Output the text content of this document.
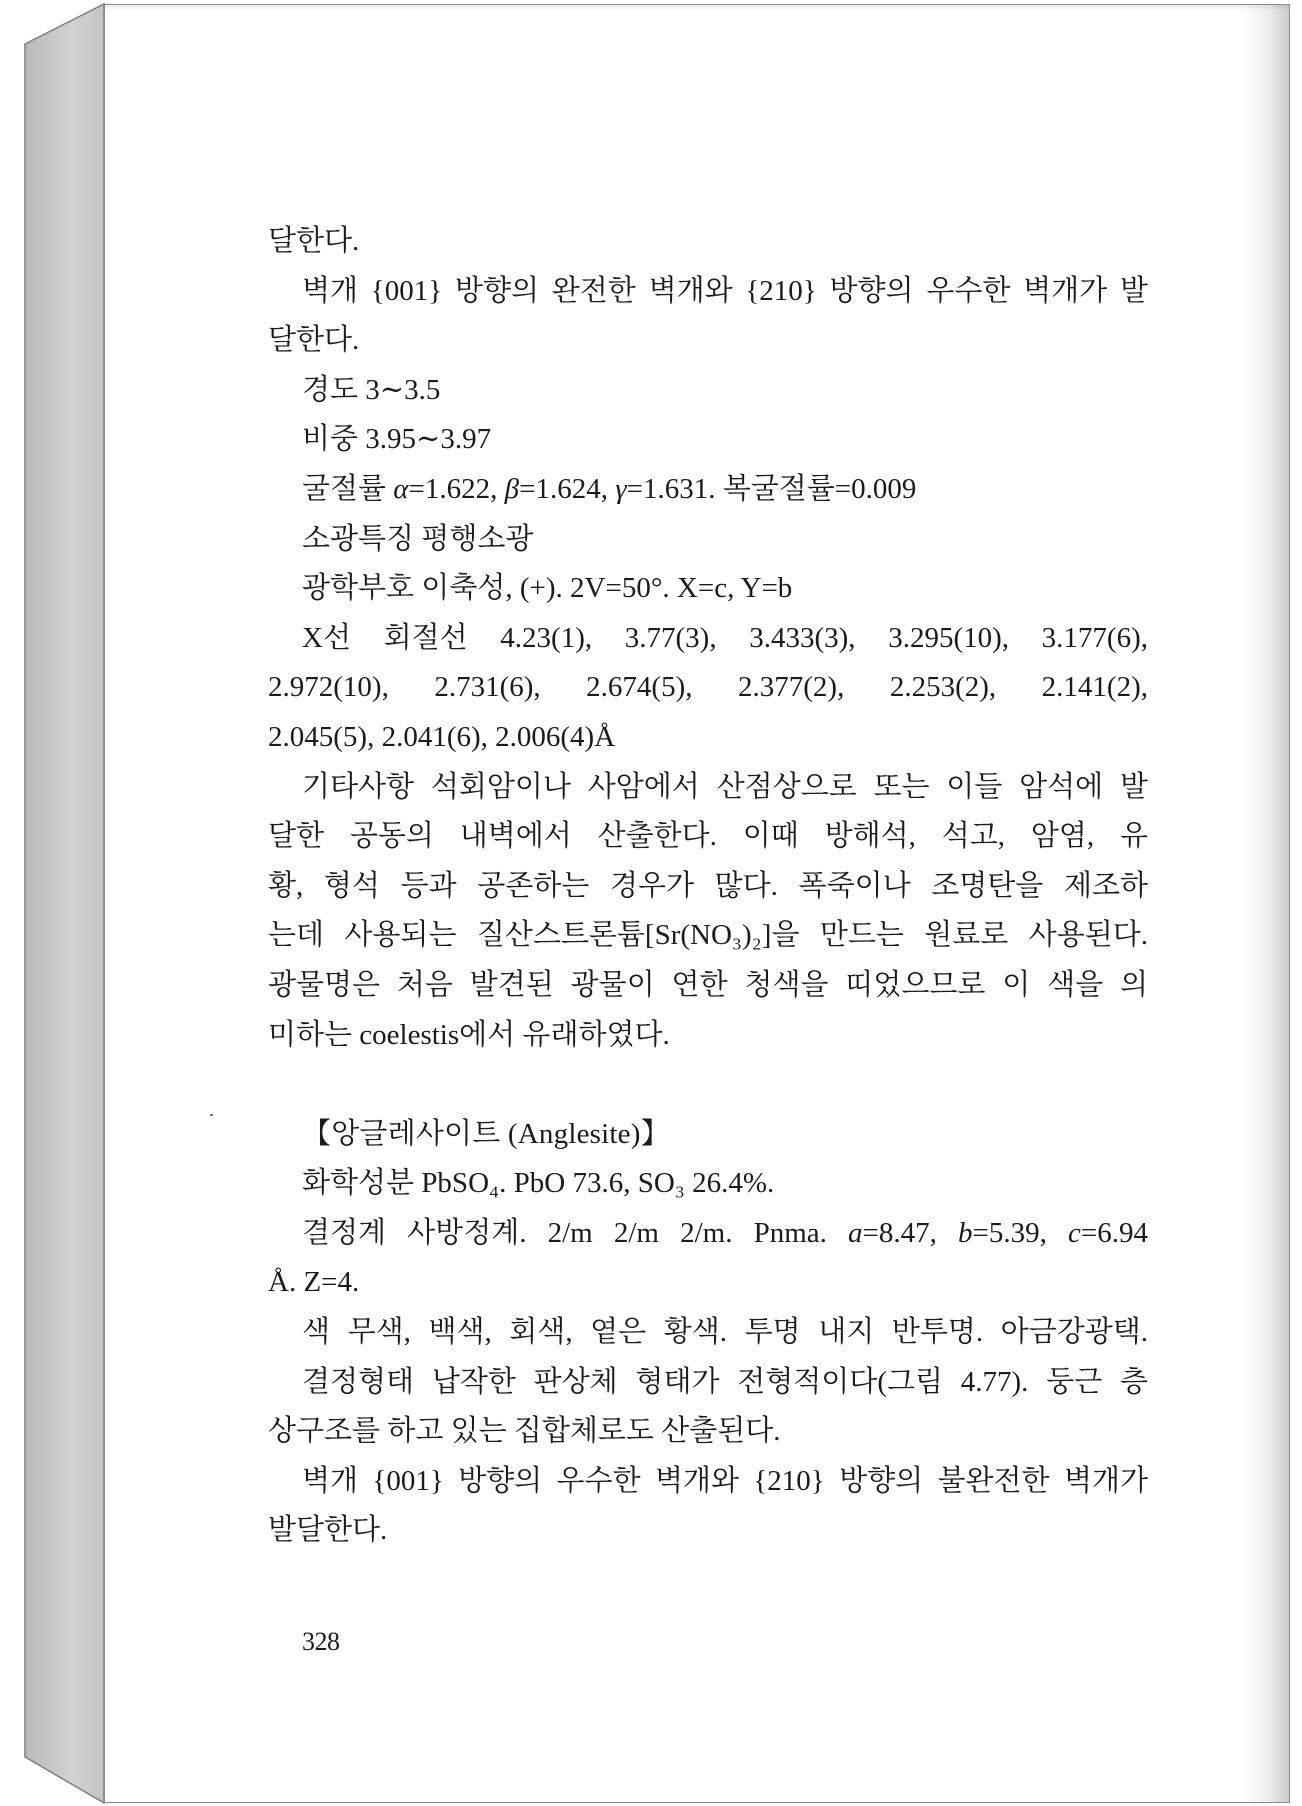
달한다.
벽개 {001} 방향의 완전한 벽개와 {210} 방향의 우수한 벽개가 발
달한다.
경도 3∼3.5
비중 3.95∼3.97
굴절률 α=1.622, β=1.624, γ=1.631. 복굴절률=0.009
소광특징 평행소광
광학부호 이축성, (+). 2V=50°. X=c, Y=b
X선 회절선 4.23(1), 3.77(3), 3.433(3), 3.295(10), 3.177(6),
2.972(10), 2.731(6), 2.674(5), 2.377(2), 2.253(2), 2.141(2),
2.045(5), 2.041(6), 2.006(4)Å
기타사항 석회암이나 사암에서 산점상으로 또는 이들 암석에 발
달한 공동의 내벽에서 산출한다. 이때 방해석, 석고, 암염, 유
황, 형석 등과 공존하는 경우가 많다. 폭죽이나 조명탄을 제조하
는데 사용되는 질산스트론튬[Sr(NO₃)₂]을 만드는 원료로 사용된다.
광물명은 처음 발견된 광물이 연한 청색을 띠었으므로 이 색을 의
미하는 coelestis에서 유래하였다.
【앙글레사이트 (Anglesite)】
화학성분 PbSO₄. PbO 73.6, SO₃ 26.4%.
결정계 사방정계. 2/m 2/m 2/m. Pnma. a=8.47, b=5.39, c=6.94
Å. Z=4.
색 무색, 백색, 회색, 옅은 황색. 투명 내지 반투명. 아금강광택.
결정형태 납작한 판상체 형태가 전형적이다(그림 4.77). 둥근 층
상구조를 하고 있는 집합체로도 산출된다.
벽개 {001} 방향의 우수한 벽개와 {210} 방향의 불완전한 벽개가
발달한다.
328
